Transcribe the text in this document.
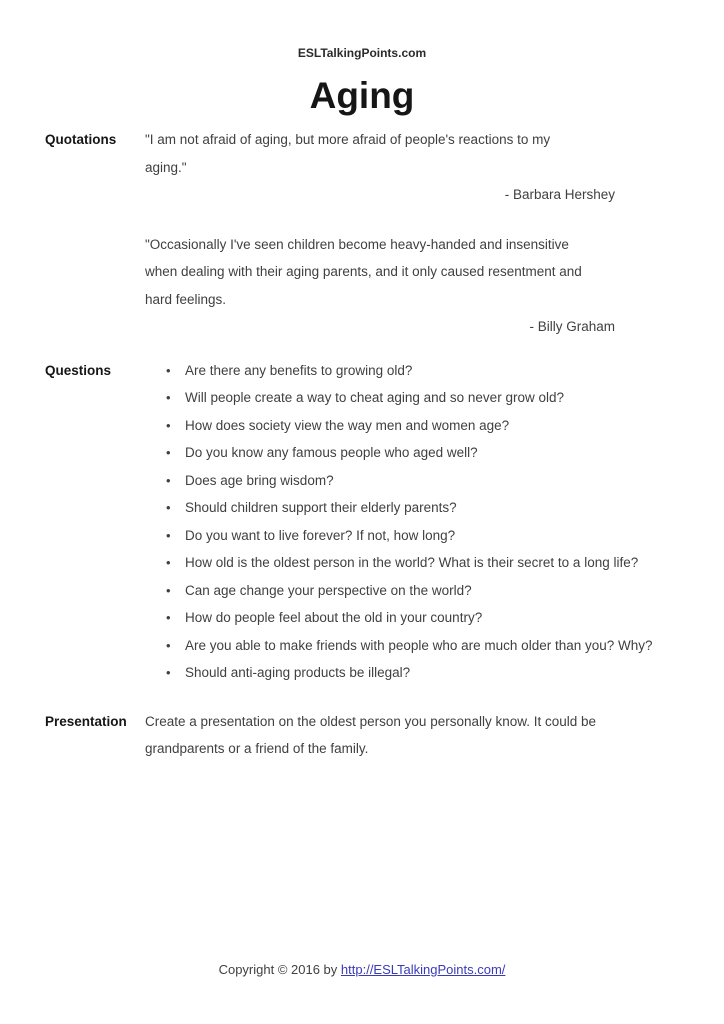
ESLTalkingPoints.com
Aging
Quotations	"I am not afraid of aging, but more afraid of people's reactions to my
aging."
- Barbara Hershey
"Occasionally I've seen children become heavy-handed and insensitive
when dealing with their aging parents, and it only caused resentment and
hard feelings.
- Billy Graham
Questions	• Are there any benefits to growing old?
• Will people create a way to cheat aging and so never grow old?
• How does society view the way men and women age?
• Do you know any famous people who aged well?
• Does age bring wisdom?
• Should children support their elderly parents?
• Do you want to live forever? If not, how long?
• How old is the oldest person in the world? What is their secret to a long life?
• Can age change your perspective on the world?
• How do people feel about the old in your country?
• Are you able to make friends with people who are much older than you? Why?
• Should anti-aging products be illegal?
Presentation	Create a presentation on the oldest person you personally know. It could be
grandparents or a friend of the family.
Copyright © 2016 by http://ESLTalkingPoints.com/
